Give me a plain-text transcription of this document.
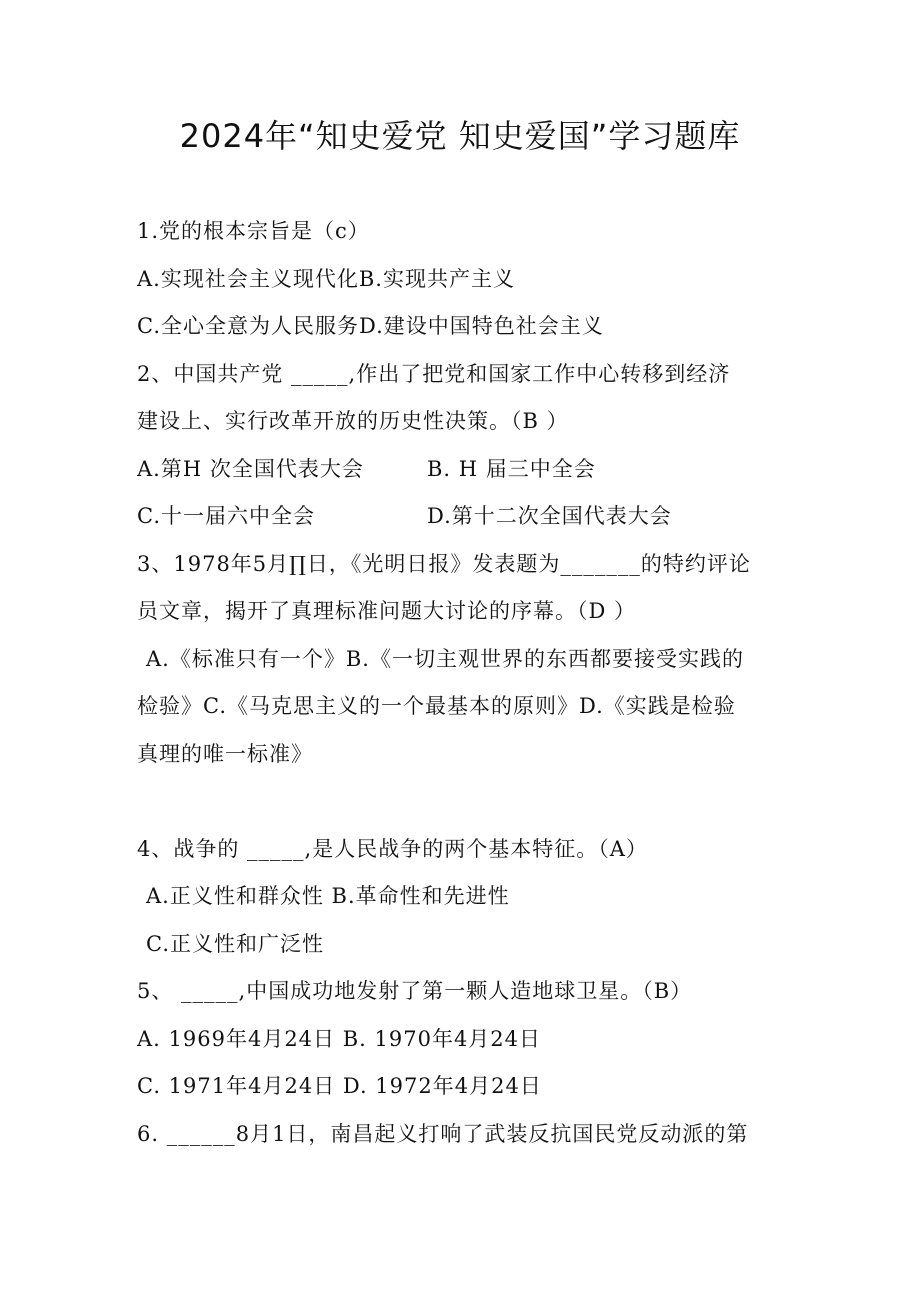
2024年“知史爱党 知史爱国”学习题库
1.党的根本宗旨是（c）
A.实现社会主义现代化B.实现共产主义
C.全心全意为人民服务D.建设中国特色社会主义
2、中国共产党 _____,作出了把党和国家工作中心转移到经济
建设上、实行改革开放的历史性决策。（B ）
A.第H 次全国代表大会	B. H 届三中全会
C.十一届六中全会	D.第十二次全国代表大会
3、1978年5月∏日，《光明日报》发表题为_______的特约评论
员文章，揭开了真理标准问题大讨论的序幕。（D ）
A.《标准只有一个》B.《一切主观世界的东西都要接受实践的
检验》C.《马克思主义的一个最基本的原则》D.《实践是检验
真理的唯一标准》
4、战争的 _____,是人民战争的两个基本特征。（A）
A.正义性和群众性 B.革命性和先进性
C.正义性和广泛性
5、 _____,中国成功地发射了第一颗人造地球卫星。（B）
A. 1969年4月24日 B. 1970年4月24日
C. 1971年4月24日 D. 1972年4月24日
6. ______8月1日，南昌起义打响了武装反抗国民党反动派的第
